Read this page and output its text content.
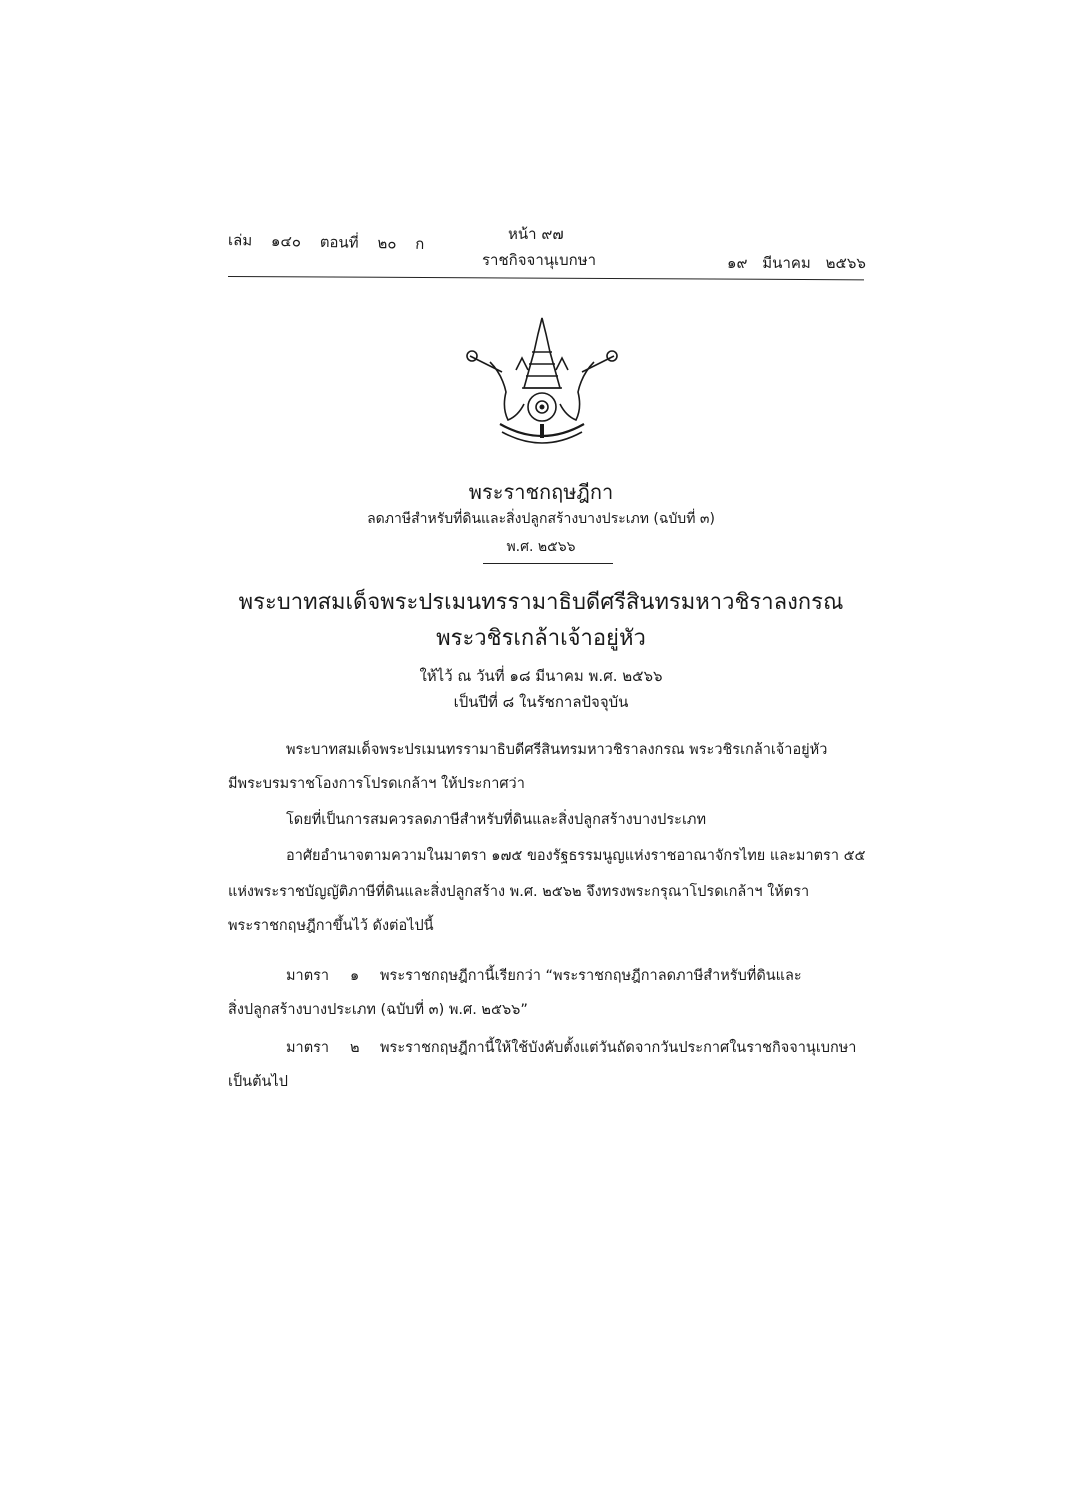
เล่ม ๑๔๐ ตอนที่ ๒๐ ก
หน้า ๙๗
ราชกิจจานุเบกษา	๑๙ มีนาคม ๒๕๖๖
พระราชกฤษฎีกา
ลดภาษีสำหรับที่ดินและสิ่งปลูกสร้างบางประเภท (ฉบับที่ ๓)
พ.ศ. ๒๕๖๖
พระบาทสมเด็จพระปรเมนทรรามาธิบดีศรีสินทรมหาวชิราลงกรณ
พระวชิรเกล้าเจ้าอยู่หัว
ให้ไว้ ณ วันที่ ๑๘ มีนาคม พ.ศ. ๒๕๖๖
เป็นปีที่ ๘ ในรัชกาลปัจจุบัน
พระบาทสมเด็จพระปรเมนทรรามาธิบดีศรีสินทรมหาวชิราลงกรณ พระวชิรเกล้าเจ้าอยู่หัว
มีพระบรมราชโองการโปรดเกล้าฯ ให้ประกาศว่า
โดยที่เป็นการสมควรลดภาษีสำหรับที่ดินและสิ่งปลูกสร้างบางประเภท
อาศัยอำนาจตามความในมาตรา ๑๗๕ ของรัฐธรรมนูญแห่งราชอาณาจักรไทย และมาตรา ๕๕
แห่งพระราชบัญญัติภาษีที่ดินและสิ่งปลูกสร้าง พ.ศ. ๒๕๖๒ จึงทรงพระกรุณาโปรดเกล้าฯ ให้ตรา
พระราชกฤษฎีกาขึ้นไว้ ดังต่อไปนี้
มาตรา ๑ พระราชกฤษฎีกานี้เรียกว่า “พระราชกฤษฎีกาลดภาษีสำหรับที่ดินและ
สิ่งปลูกสร้างบางประเภท (ฉบับที่ ๓) พ.ศ. ๒๕๖๖”
มาตรา ๒ พระราชกฤษฎีกานี้ให้ใช้บังคับตั้งแต่วันถัดจากวันประกาศในราชกิจจานุเบกษา
เป็นต้นไป
